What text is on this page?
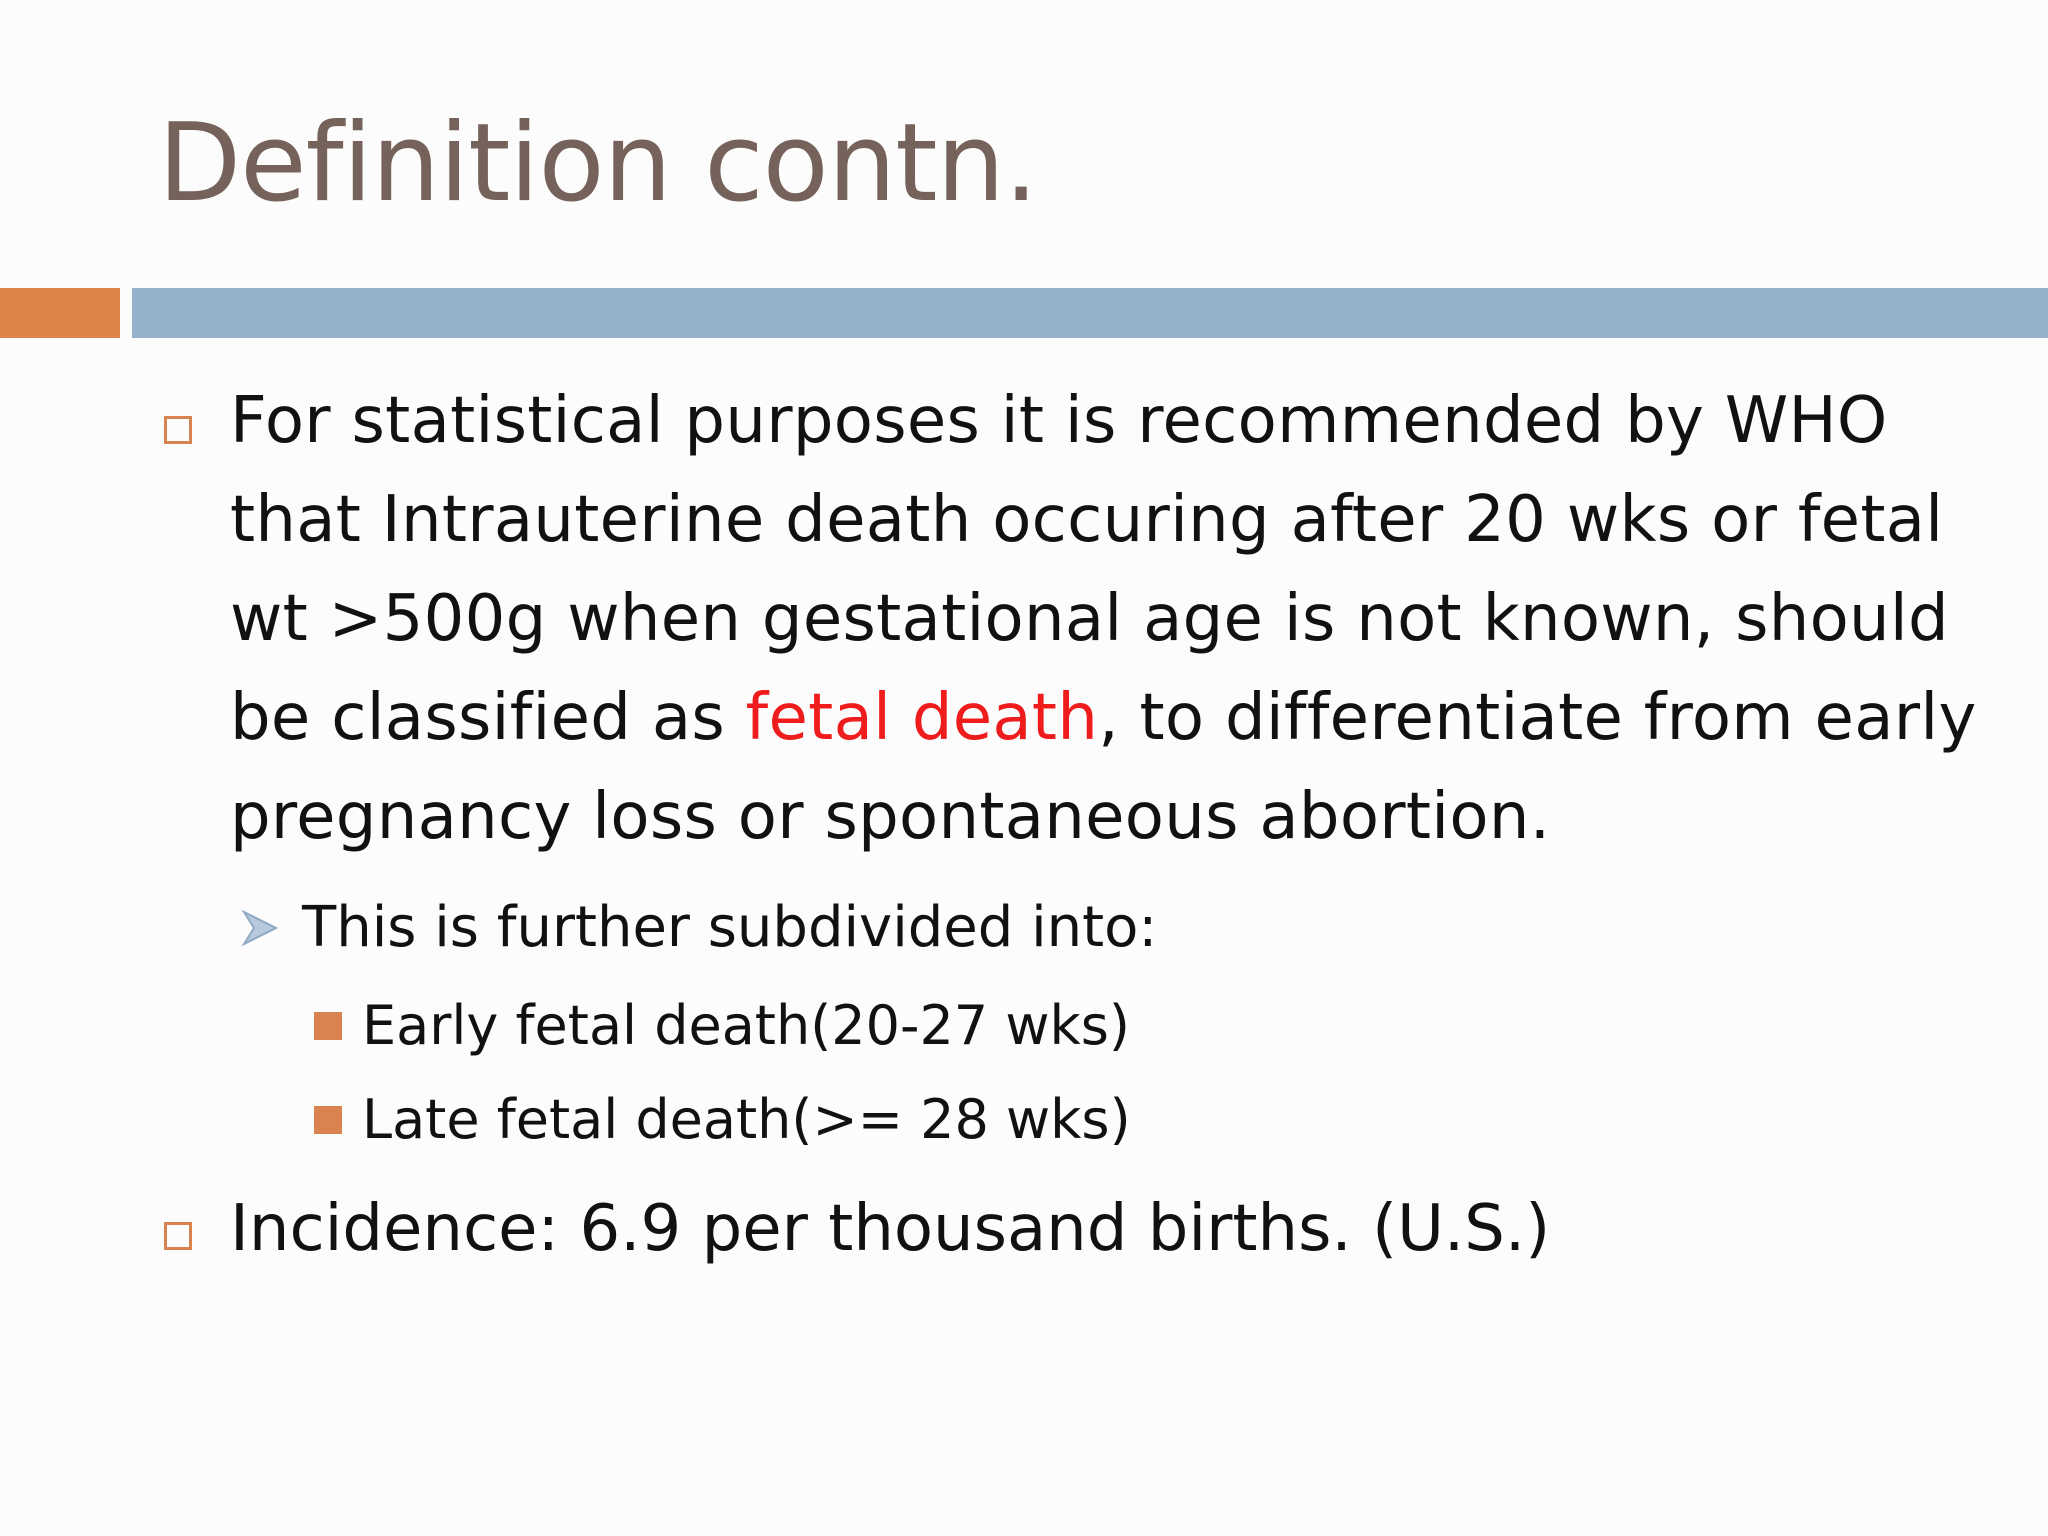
Definition contn.
For statistical purposes it is recommended by WHO that Intrauterine death occuring after 20 wks or fetal wt >500g when gestational age is not known, should be classified as fetal death, to differentiate from early pregnancy loss or spontaneous abortion.
This is further subdivided into:
Early fetal death(20-27 wks)
Late fetal death(>= 28 wks)
Incidence: 6.9 per thousand births. (U.S.)
